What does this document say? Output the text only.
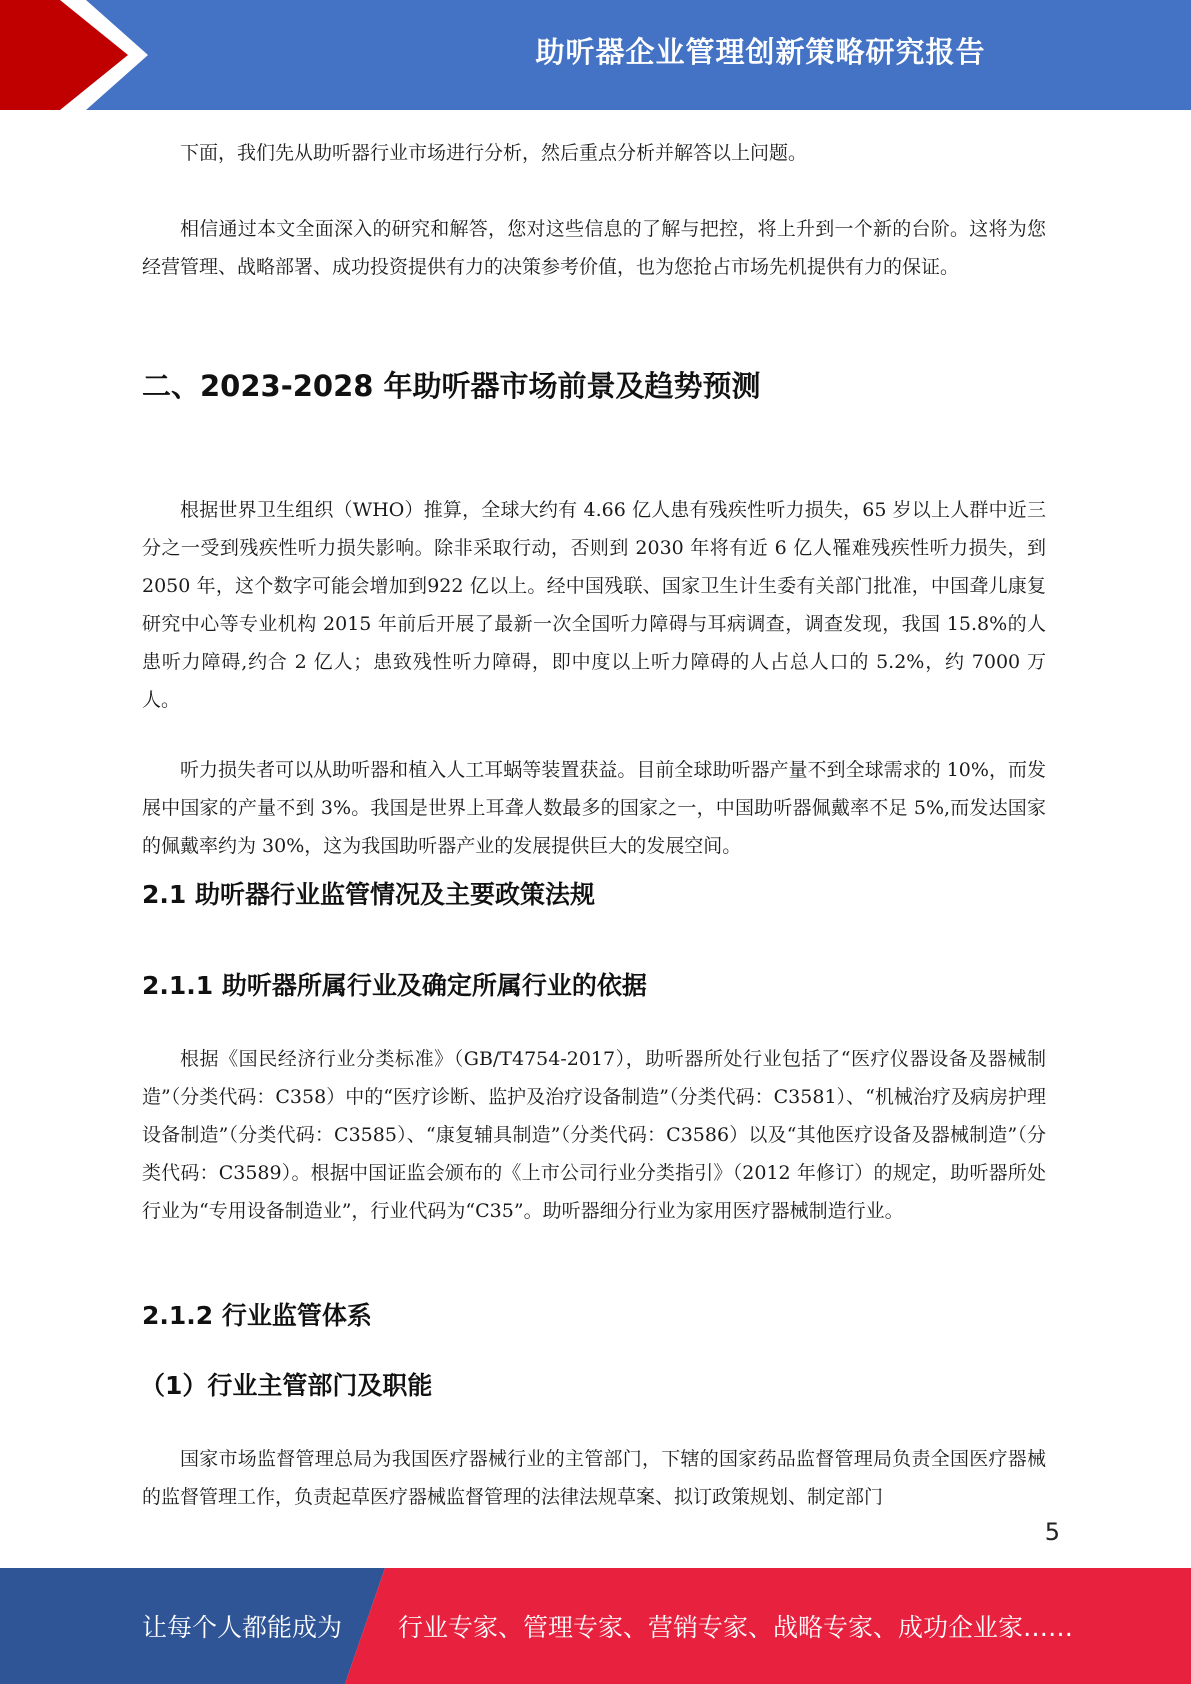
助听器企业管理创新策略研究报告

下面，我们先从助听器行业市场进行分析，然后重点分析并解答以上问题。

相信通过本文全面深入的研究和解答，您对这些信息的了解与把控，将上升到一个新的台阶。这将为您经营管理、战略部署、成功投资提供有力的决策参考价值，也为您抢占市场先机提供有力的保证。

二、2023-2028 年助听器市场前景及趋势预测

根据世界卫生组织（WHO）推算，全球大约有 4.66 亿人患有残疾性听力损失，65 岁以上人群中近三分之一受到残疾性听力损失影响。除非采取行动，否则到 2030 年将有近 6 亿人罹难残疾性听力损失，到 2050 年，这个数字可能会增加到922 亿以上。经中国残联、国家卫生计生委有关部门批准，中国聋儿康复研究中心等专业机构 2015 年前后开展了最新一次全国听力障碍与耳病调查，调查发现，我国 15.8%的人患听力障碍,约合 2 亿人；患致残性听力障碍，即中度以上听力障碍的人占总人口的 5.2%，约 7000 万人。

听力损失者可以从助听器和植入人工耳蜗等装置获益。目前全球助听器产量不到全球需求的 10%，而发展中国家的产量不到 3%。我国是世界上耳聋人数最多的国家之一，中国助听器佩戴率不足 5%,而发达国家的佩戴率约为 30%，这为我国助听器产业的发展提供巨大的发展空间。

2.1 助听器行业监管情况及主要政策法规
2.1.1 助听器所属行业及确定所属行业的依据

根据《国民经济行业分类标准》（GB/T4754-2017），助听器所处行业包括了“医疗仪器设备及器械制造”（分类代码：C358）中的“医疗诊断、监护及治疗设备制造”（分类代码：C3581）、“机械治疗及病房护理设备制造”（分类代码：C3585）、“康复辅具制造”（分类代码：C3586）以及“其他医疗设备及器械制造”（分类代码：C3589）。根据中国证监会颁布的《上市公司行业分类指引》（2012 年修订）的规定，助听器所处行业为“专用设备制造业”，行业代码为“C35”。助听器细分行业为家用医疗器械制造行业。

2.1.2 行业监管体系
（1）行业主管部门及职能

国家市场监督管理总局为我国医疗器械行业的主管部门，下辖的国家药品监督管理局负责全国医疗器械的监督管理工作，负责起草医疗器械监督管理的法律法规草案、拟订政策规划、制定部门

5
让每个人都能成为 行业专家、管理专家、营销专家、战略专家、成功企业家……
